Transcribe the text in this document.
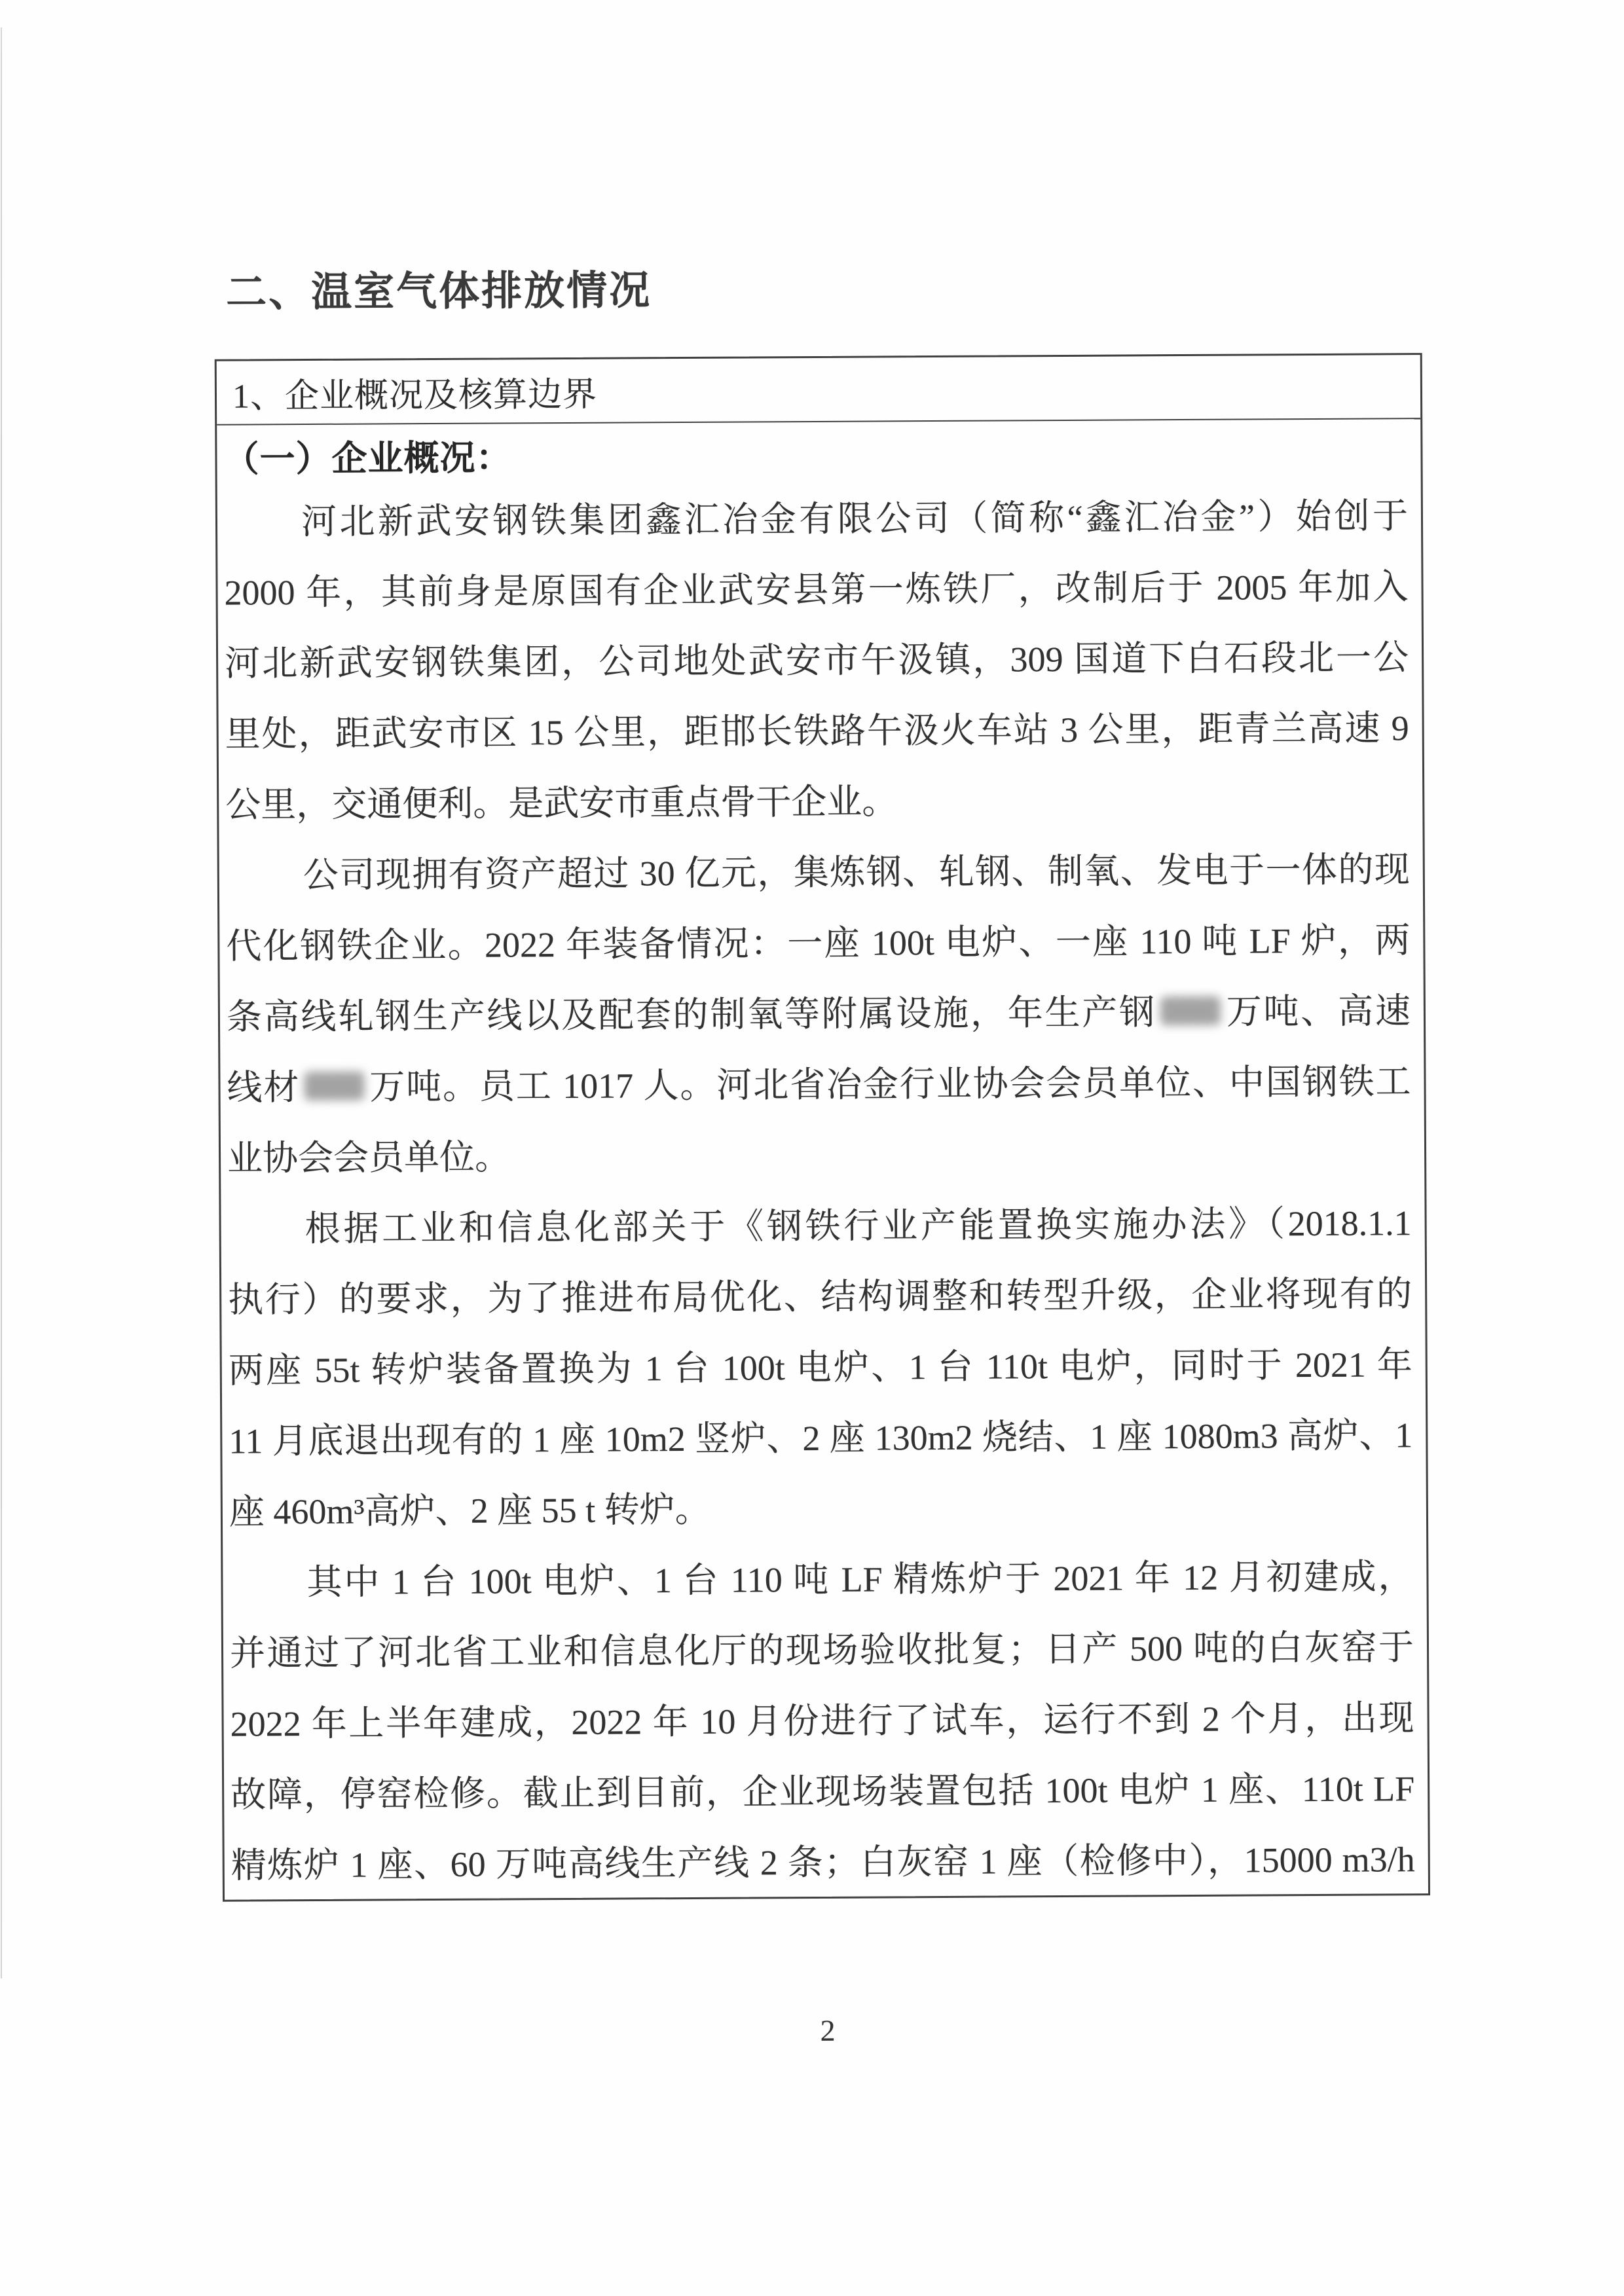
二、温室气体排放情况
1、企业概况及核算边界
（一）企业概况：
河北新武安钢铁集团鑫汇冶金有限公司（简称“鑫汇冶金”）始创于
2000 年，其前身是原国有企业武安县第一炼铁厂，改制后于 2005 年加入
河北新武安钢铁集团，公司地处武安市午汲镇，309 国道下白石段北一公
里处，距武安市区 15 公里，距邯长铁路午汲火车站 3 公里，距青兰高速 9
公里，交通便利。是武安市重点骨干企业。
公司现拥有资产超过 30 亿元，集炼钢、轧钢、制氧、发电于一体的现
代化钢铁企业。2022 年装备情况：一座 100t 电炉、一座 110 吨 LF 炉，两
条高线轧钢生产线以及配套的制氧等附属设施，年生产钢 万吨、高速
线材 万吨。员工 1017 人。河北省冶金行业协会会员单位、中国钢铁工
业协会会员单位。
根据工业和信息化部关于《钢铁行业产能置换实施办法》（2018.1.1
执行）的要求，为了推进布局优化、结构调整和转型升级，企业将现有的
两座 55t 转炉装备置换为 1 台 100t 电炉、1 台 110t 电炉，同时于 2021 年
11 月底退出现有的 1 座 10m2 竖炉、2 座 130m2 烧结、1 座 1080m3 高炉、1
座 460m³高炉、2 座 55 t 转炉。
其中 1 台 100t 电炉、1 台 110 吨 LF 精炼炉于 2021 年 12 月初建成，
并通过了河北省工业和信息化厅的现场验收批复；日产 500 吨的白灰窑于
2022 年上半年建成，2022 年 10 月份进行了试车，运行不到 2 个月，出现
故障，停窑检修。截止到目前，企业现场装置包括 100t 电炉 1 座、110t LF
精炼炉 1 座、60 万吨高线生产线 2 条；白灰窑 1 座（检修中），15000 m3/h
2
